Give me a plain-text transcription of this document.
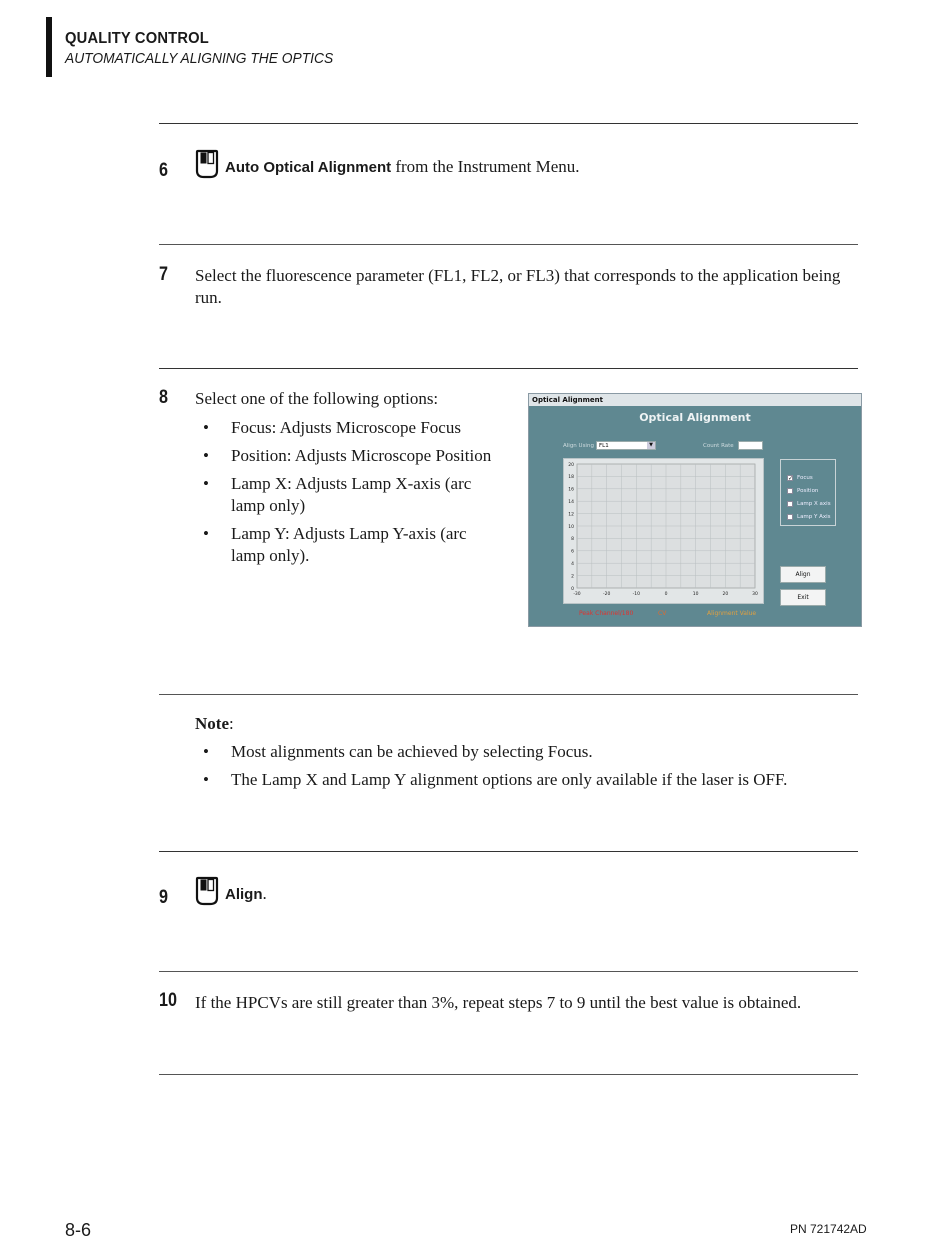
QUALITY CONTROL
AUTOMATICALLY ALIGNING THE OPTICS
6	Auto Optical Alignment from the Instrument Menu.
7 Select the fluorescence parameter (FL1, FL2, or FL3) that corresponds to the application being run.
8 Select one of the following options:
• Focus: Adjusts Microscope Focus
• Position: Adjusts Microscope Position
• Lamp X: Adjusts Lamp X-axis (arc lamp only)
• Lamp Y: Adjusts Lamp Y-axis (arc lamp only).
Optical Alignment
Optical Alignment
Align Using FL1	▼	Count Rate
0
2
4
6
8
10
12
14
16
18
20
-30	-20	-10	0	10	20	30
✓ Focus
Position
Lamp X axis
Lamp Y Axis
Align
Exit
Peak Channel/180	CV	Alignment Value
Note:
• Most alignments can be achieved by selecting Focus.
• The Lamp X and Lamp Y alignment options are only available if the laser is OFF.
9	Align.
10 If the HPCVs are still greater than 3%, repeat steps 7 to 9 until the best value is obtained.
8-6	PN 721742AD
